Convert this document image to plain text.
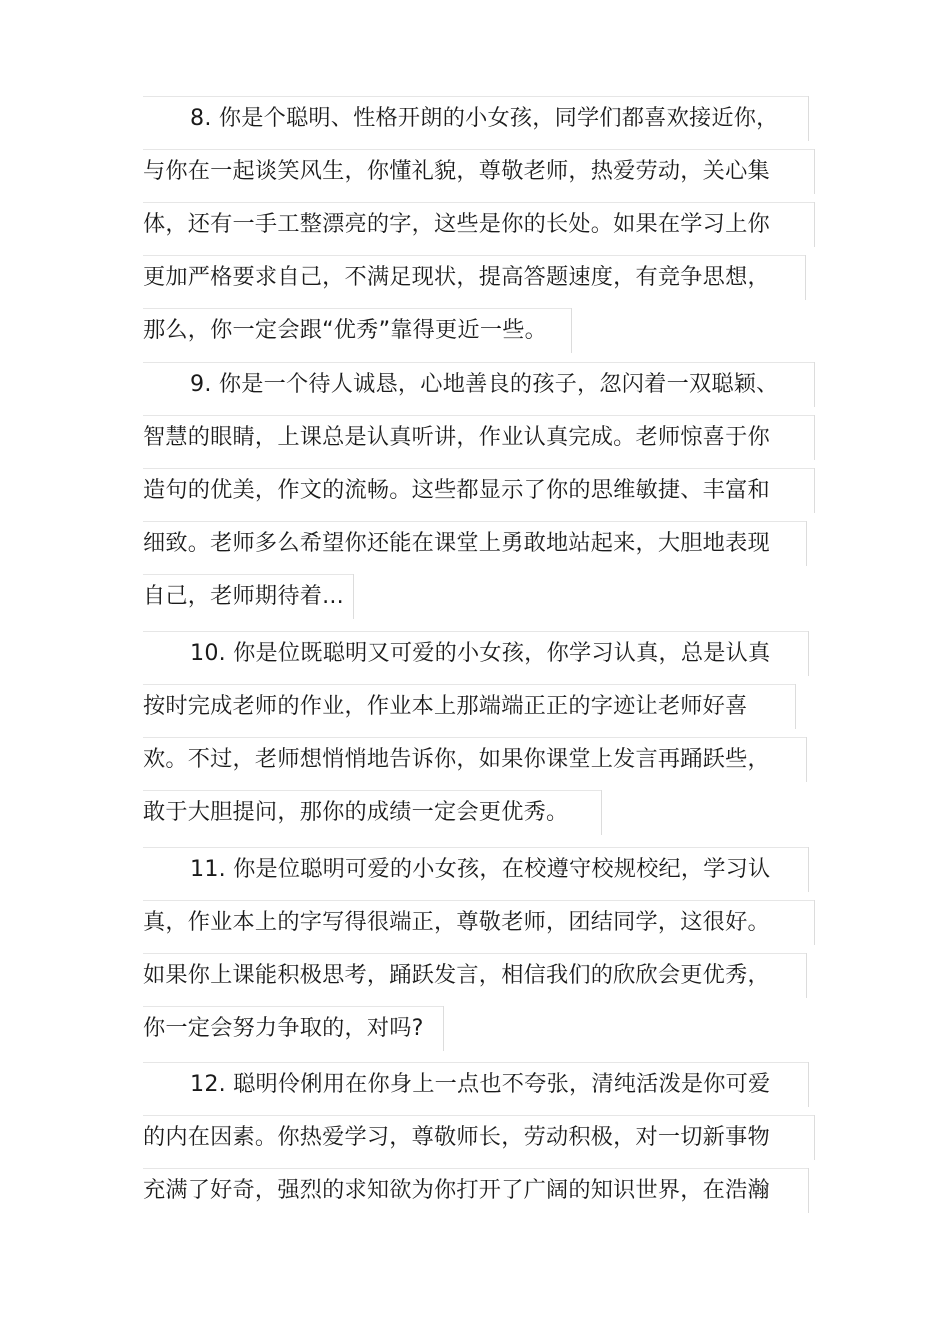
8. 你是个聪明、性格开朗的小女孩，同学们都喜欢接近你，
与你在一起谈笑风生，你懂礼貌，尊敬老师，热爱劳动，关心集
体，还有一手工整漂亮的字，这些是你的长处。如果在学习上你
更加严格要求自己，不满足现状，提高答题速度，有竞争思想，
那么，你一定会跟“优秀”靠得更近一些。
9. 你是一个待人诚恳，心地善良的孩子，忽闪着一双聪颖、
智慧的眼睛，上课总是认真听讲，作业认真完成。老师惊喜于你
造句的优美，作文的流畅。这些都显示了你的思维敏捷、丰富和
细致。老师多么希望你还能在课堂上勇敢地站起来，大胆地表现
自己，老师期待着...
10. 你是位既聪明又可爱的小女孩，你学习认真，总是认真
按时完成老师的作业，作业本上那端端正正的字迹让老师好喜
欢。不过，老师想悄悄地告诉你，如果你课堂上发言再踊跃些，
敢于大胆提问，那你的成绩一定会更优秀。
11. 你是位聪明可爱的小女孩，在校遵守校规校纪，学习认
真，作业本上的字写得很端正，尊敬老师，团结同学，这很好。
如果你上课能积极思考，踊跃发言，相信我们的欣欣会更优秀，
你一定会努力争取的，对吗?
12. 聪明伶俐用在你身上一点也不夸张，清纯活泼是你可爱
的内在因素。你热爱学习，尊敬师长，劳动积极，对一切新事物
充满了好奇，强烈的求知欲为你打开了广阔的知识世界，在浩瀚
